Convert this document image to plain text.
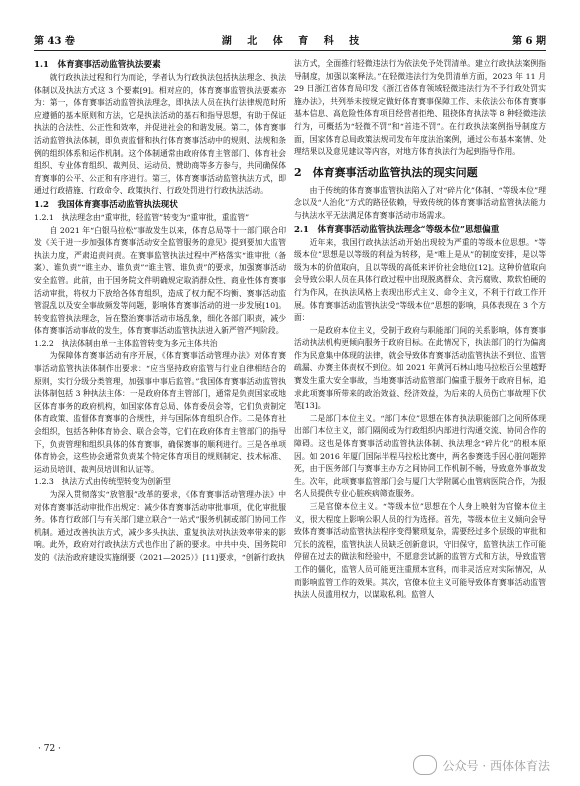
第 43 卷	湖 北 体 育 科 技	第 6 期

1.1　体育赛事活动监管执法要素

就行政执法过程和行为而论，学者认为行政执法包括执法理念、执法体制以及执法方式这 3 个要素[9]。相对应的，体育赛事监管执法要素亦为：第一，体育赛事活动监管执法理念，即执法人员在执行法律规范时所应遵循的基本原则和方法，它是执法活动的基石和指导思想，有助于保证执法的合法性、公正性和效率，并促进社会的和谐发展。第二，体育赛事活动监管执法体制，即负责监督和执行体育赛事活动中的规则、法规和条例的组织体系和运作机制。这个体制通常由政府体育主管部门、体育社会组织、专业体育组织、裁判员、运动员、赞助商等多方参与，共同确保体育赛事的公平、公正和有序进行。第三，体育赛事活动监管执法方式，即通过行政措施、行政命令、政策执行、行政处罚进行行政执法活动。

1.2　我国体育赛事活动监管执法现状

1.2.1　执法理念由“重审批，轻监管”转变为“重审批，重监管”

自 2021 年“白银马拉松”事故发生以来，体育总局等十一部门联合印发《关于进一步加强体育赛事活动安全监管服务的意见》提到要加大监管执法力度，严肃追责问责。在赛事监管执法过程中严格落实“谁审批（备案）、谁负责”“谁主办、谁负责”“谁主管、谁负责”的要求，加强赛事活动安全监管。此前，由于国务院文件明确规定取消群众性、商业性体育赛事活动审批，将权力下放给各体育组织，造成了权力配不均衡、赛事活动监管混乱以及安全事故频发等问题，影响体育赛事活动的进一步发展[10]。转变监管执法理念，旨在整治赛事活动市场乱象，细化各部门职责，减少体育赛事活动事故的发生，体育赛事活动监管执法进入新严管严判阶段。

1.2.2　执法体制由单一主体监管转变为多元主体共治

为保障体育赛事活动有序开展，《体育赛事活动管理办法》对体育赛事活动监管执法体制作出要求：“应当坚持政府监管与行业自律相结合的原则，实行分级分类管理，加强事中事后监管。”我国体育赛事活动监管执法体制包括 3 种执法主体：一是政府体育主管部门，通常是负责国家或地区体育事务的政府机构，如国家体育总局、体育委员会等，它们负责制定体育政策、监督体育赛事的合规性，并与国际体育组织合作。二是体育社会组织，包括各种体育协会、联合会等，它们在政府体育主管部门的指导下，负责管理和组织具体的体育赛事，确保赛事的顺利进行。三是各单项体育协会，这些协会通常负责某个特定体育项目的规则制定、技术标准、运动员培训、裁判员培训和认证等。

1.2.3　执法方式由传统型转变为创新型

为深入贯彻落实“放管服”改革的要求，《体育赛事活动管理办法》中对体育赛事活动审批作出规定：减少体育赛事活动审批事项，优化审批服务。体育行政部门与有关部门建立联合“一站式”服务机制或部门协同工作机制。通过改善执法方式，减少多头执法、重复执法对执法效率带来的影响。此外，政府对行政执法方式也作出了新的要求。中共中央、国务院印发的《法治政府建设实施纲要（2021—2025）》[11]要求，“创新行政执

法方式，全面推行轻微违法行为依法免予处罚清单。建立行政执法案例指导制度，加强以案释法。”在轻微违法行为免罚清单方面，2023 年 11 月 29 日浙江省体育局印发《浙江省体育领域轻微违法行为不予行政处罚实施办法》，共列举未按规定做好体育赛事保障工作、未依法公布体育赛事基本信息、高危险性体育项目经营者拒绝、阻挠体育执法等 8 种轻微违法行为，可概括为“轻微不罚”和“首违不罚”。在行政执法案例指导制度方面，国家体育总局政策法规司发布年度法治案例，通过公布基本案情、处理结果以及意见建议等内容，对地方体育执法行为起到指导作用。

2　体育赛事活动监管执法的现实问题

由于传统的体育赛事监管执法陷入了对“碎片化”体制、“等级本位”理念以及“人治化”方式的路径依赖，导致传统的体育赛事活动监管执法能力与执法水平无法满足体育赛事活动市场需求。

2.1　体育赛事活动监管执法理念“等级本位”思想偏重

近年来，我国行政执法活动开始出现较为严重的等级本位思想。“等级本位”思想是以等级的利益为转移，是“唯上是从”的制度安排，是以等级为本的价值取向，且以等级的高低来评价社会地位[12]。这种价值取向会导致公职人员在具体行政过程中出现脱离群众、贪污腐败、欺软怕硬的行为作风，在执法风格上表现出形式主义、命令主义，不利于行政工作开展。体育赛事活动监管执法受“等级本位”思想的影响，具体表现在 3 个方面：

一是政府本位主义，受制于政府与职能部门间的关系影响，体育赛事活动执法机构更倾向服务于政府目标。在此情况下，执法部门的行为偏离作为民意集中体现的法律，就会导致体育赛事活动监管执法不到位、监管疏漏、办赛主体责权不到位。如 2021 年黄河石林山地马拉松百公里越野赛发生重大安全事故，当地赛事活动监管部门偏重于服务于政府目标，追求此项赛事所带来的政治效益、经济效益，为后来的人员伤亡事故埋下伏笔[13]。

二是部门本位主义。“部门本位”思想在体育执法职能部门之间所体现出部门本位主义，部门隔阂或为行政组织内部进行沟通交流、协同合作的障碍。这也是体育赛事活动监管执法体制、执法理念“碎片化”的根本原因。如 2016 年厦门国际半程马拉松比赛中，两名参赛选手因心脏问题猝死，由于医务部门与赛事主办方之间协同工作机制不畅，导致意外事故发生。次年，此项赛事监管部门会与厦门大学附属心血管病医院合作，为报名人员提供专业心脏疾病筛查服务。

三是官僚本位主义。“等级本位”思想在个人身上映射为官僚本位主义，很大程度上影响公职人员的行为选择。首先，等级本位主义倾向会导致体育赛事活动监管执法程序变得繁琐复杂，需要经过多个层级的审批和冗长的流程，监管执法人员缺乏创新意识，守旧保守，监管执法工作可能停留在过去的做法和经验中，不愿意尝试新的监管方式和方法，导致监管工作的僵化，监管人员可能更注重照本宣科，而非灵活应对实际情况，从而影响监管工作的效果。其次，官僚本位主义可能导致体育赛事活动监管执法人员滥用权力，以谋取私利。监管人

· 72 ·
公众号 · 西体体育法
